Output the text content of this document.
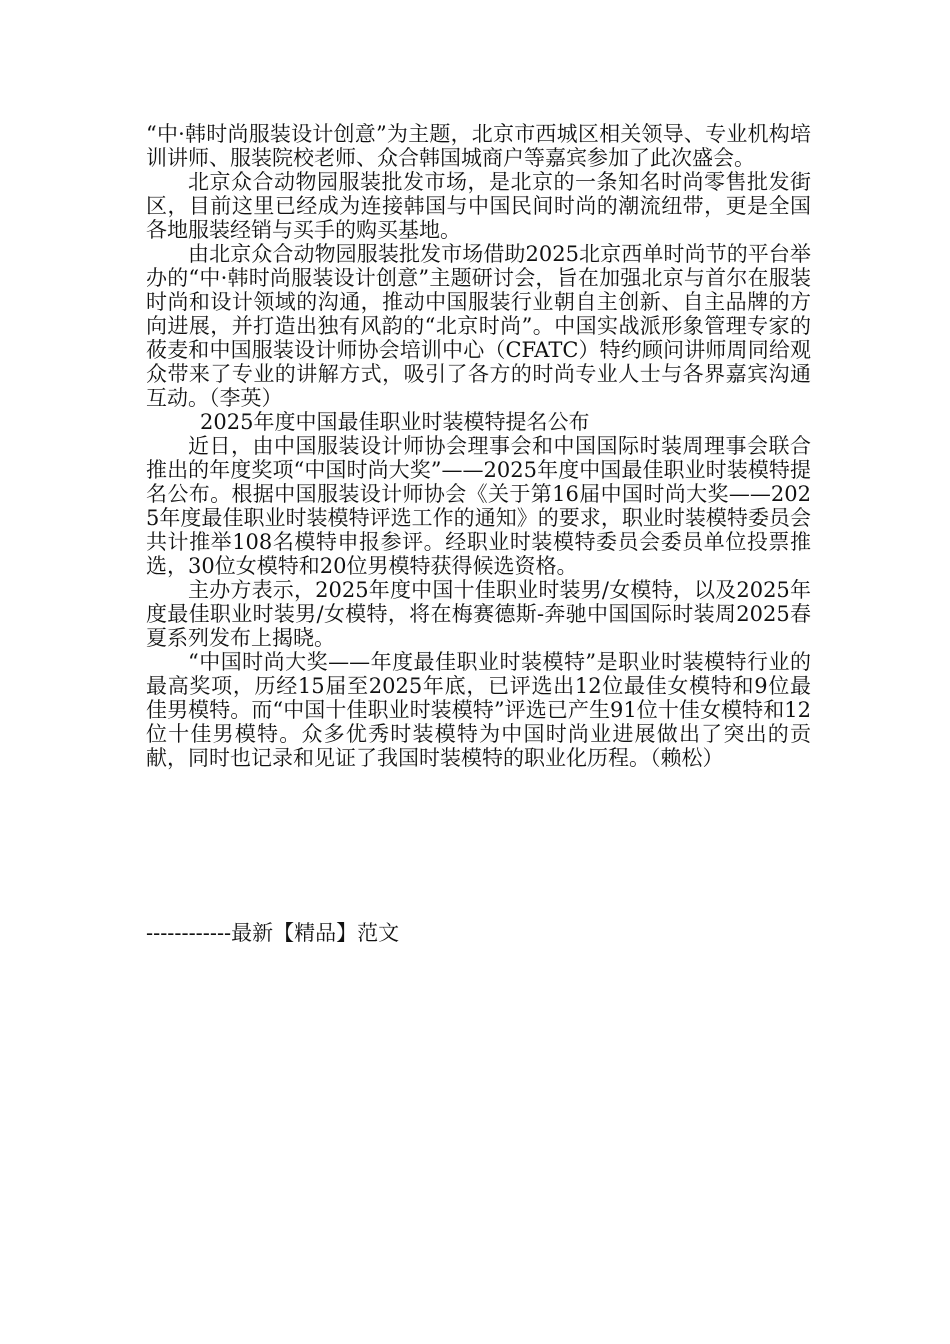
“中·韩时尚服装设计创意”为主题，北京市西城区相关领导、专业机构培训讲师、服装院校老师、众合韩国城商户等嘉宾参加了此次盛会。

北京众合动物园服装批发市场，是北京的一条知名时尚零售批发街区，目前这里已经成为连接韩国与中国民间时尚的潮流纽带，更是全国各地服装经销与买手的购买基地。

由北京众合动物园服装批发市场借助2025北京西单时尚节的平台举办的“中·韩时尚服装设计创意”主题研讨会，旨在加强北京与首尔在服装时尚和设计领域的沟通，推动中国服装行业朝自主创新、自主品牌的方向进展，并打造出独有风韵的“北京时尚”。中国实战派形象管理专家的莜麦和中国服装设计师协会培训中心（CFATC）特约顾问讲师周同给观众带来了专业的讲解方式，吸引了各方的时尚专业人士与各界嘉宾沟通互动。（李英）

2025年度中国最佳职业时装模特提名公布

近日，由中国服装设计师协会理事会和中国国际时装周理事会联合推出的年度奖项“中国时尚大奖”——2025年度中国最佳职业时装模特提名公布。根据中国服装设计师协会《关于第16届中国时尚大奖——2025年度最佳职业时装模特评选工作的通知》的要求，职业时装模特委员会共计推举108名模特申报参评。经职业时装模特委员会委员单位投票推选，30位女模特和20位男模特获得候选资格。

主办方表示，2025年度中国十佳职业时装男/女模特，以及2025年度最佳职业时装男/女模特，将在梅赛德斯-奔驰中国国际时装周2025春夏系列发布上揭晓。

“中国时尚大奖——年度最佳职业时装模特”是职业时装模特行业的最高奖项，历经15届至2025年底，已评选出12位最佳女模特和9位最佳男模特。而“中国十佳职业时装模特”评选已产生91位十佳女模特和12位十佳男模特。众多优秀时装模特为中国时尚业进展做出了突出的贡献，同时也记录和见证了我国时装模特的职业化历程。（赖松）

------------最新【精品】范文
